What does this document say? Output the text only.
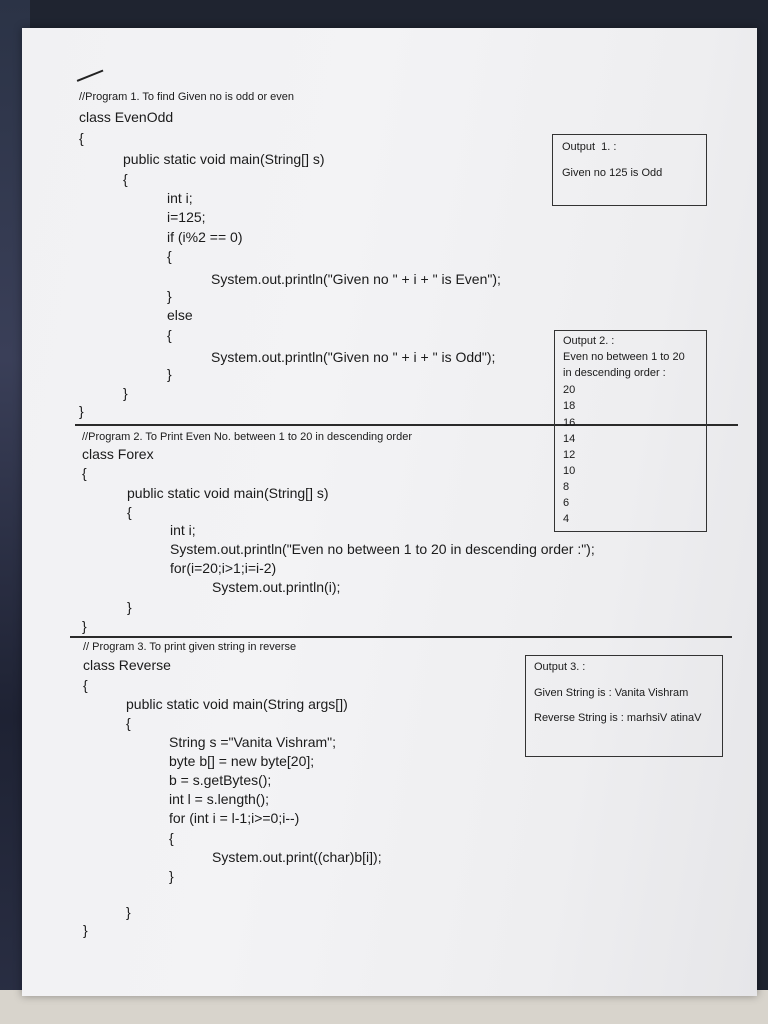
//Program 1. To find Given no is odd or even
class EvenOdd
{
public static void main(String[] s)
{
int i;
i=125;
if (i%2 == 0)
{
System.out.println("Given no " + i + " is Even");
}
else
{
System.out.println("Given no " + i + " is Odd");
}
}
}
//Program 2. To Print Even No. between 1 to 20 in descending order
class Forex
{
public static void main(String[] s)
{
int i;
System.out.println("Even no between 1 to 20 in descending order :");
for(i=20;i>1;i=i-2)
System.out.println(i);
}
}
// Program 3. To print given string in reverse
class Reverse
{
public static void main(String args[])
{
String s ="Vanita Vishram";
byte b[] = new byte[20];
b = s.getBytes();
int l = s.length();
for (int i = l-1;i>=0;i--)
{
System.out.print((char)b[i]);
}
}
}
Output  1. :
Given no 125 is Odd
Output 2. :
Even no between 1 to 20
in descending order :
20
18
16
14
12
10
8
6
4
Output 3. :
Given String is : Vanita Vishram
Reverse String is : marhsiV atinaV
